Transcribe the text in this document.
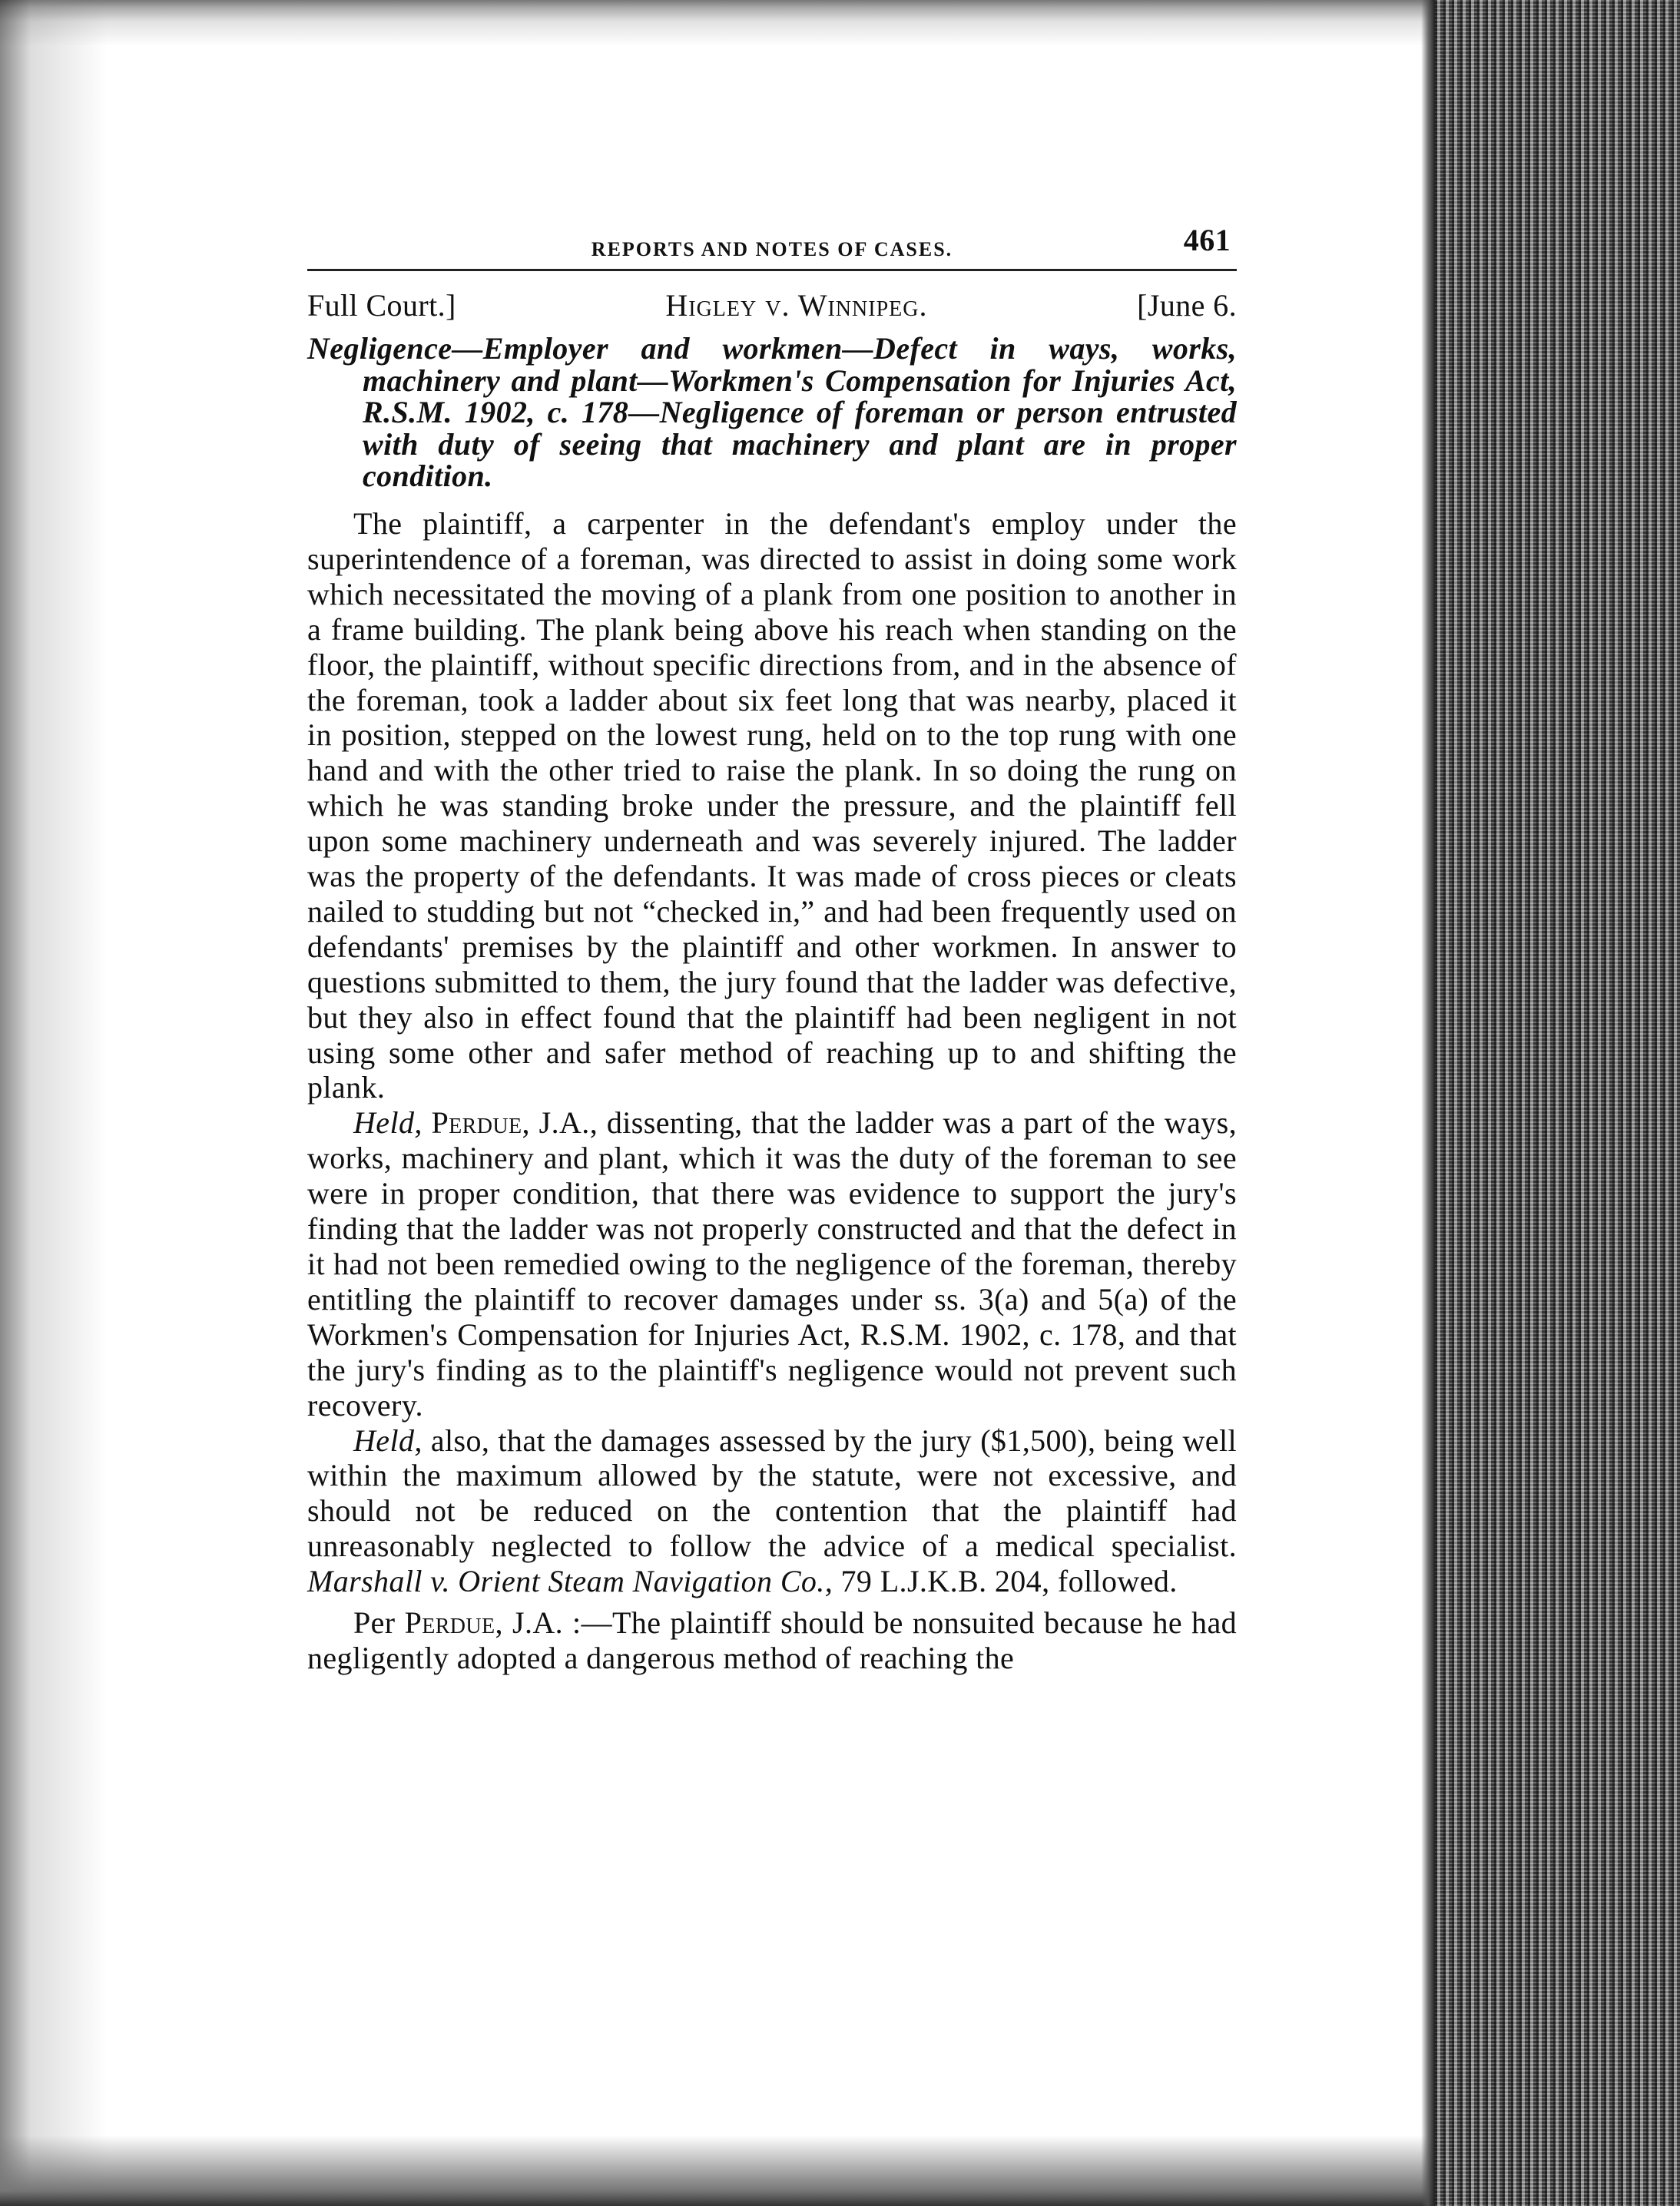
REPORTS AND NOTES OF CASES.	461
Full Court.]	Higley v. Winnipeg.	[June 6.

Negligence—Employer and workmen—Defect in ways, works, machinery and plant—Workmen's Compensation for Injuries Act, R.S.M. 1902, c. 178—Negligence of foreman or person entrusted with duty of seeing that machinery and plant are in proper condition.

The plaintiff, a carpenter in the defendant's employ under the superintendence of a foreman, was directed to assist in doing some work which necessitated the moving of a plank from one position to another in a frame building. The plank being above his reach when standing on the floor, the plaintiff, without specific directions from, and in the absence of the foreman, took a ladder about six feet long that was nearby, placed it in position, stepped on the lowest rung, held on to the top rung with one hand and with the other tried to raise the plank. In so doing the rung on which he was standing broke under the pressure, and the plaintiff fell upon some machinery underneath and was severely injured. The ladder was the property of the defendants. It was made of cross pieces or cleats nailed to studding but not “checked in,” and had been frequently used on defendants' premises by the plaintiff and other workmen. In answer to questions submitted to them, the jury found that the ladder was defective, but they also in effect found that the plaintiff had been negligent in not using some other and safer method of reaching up to and shifting the plank.

Held, Perdue, J.A., dissenting, that the ladder was a part of the ways, works, machinery and plant, which it was the duty of the foreman to see were in proper condition, that there was evidence to support the jury's finding that the ladder was not properly constructed and that the defect in it had not been remedied owing to the negligence of the foreman, thereby entitling the plaintiff to recover damages under ss. 3(a) and 5(a) of the Workmen's Compensation for Injuries Act, R.S.M. 1902, c. 178, and that the jury's finding as to the plaintiff's negligence would not prevent such recovery.

Held, also, that the damages assessed by the jury ($1,500), being well within the maximum allowed by the statute, were not excessive, and should not be reduced on the contention that the plaintiff had unreasonably neglected to follow the advice of a medical specialist. Marshall v. Orient Steam Navigation Co., 79 L.J.K.B. 204, followed.

Per Perdue, J.A. :—The plaintiff should be nonsuited because he had negligently adopted a dangerous method of reaching the
